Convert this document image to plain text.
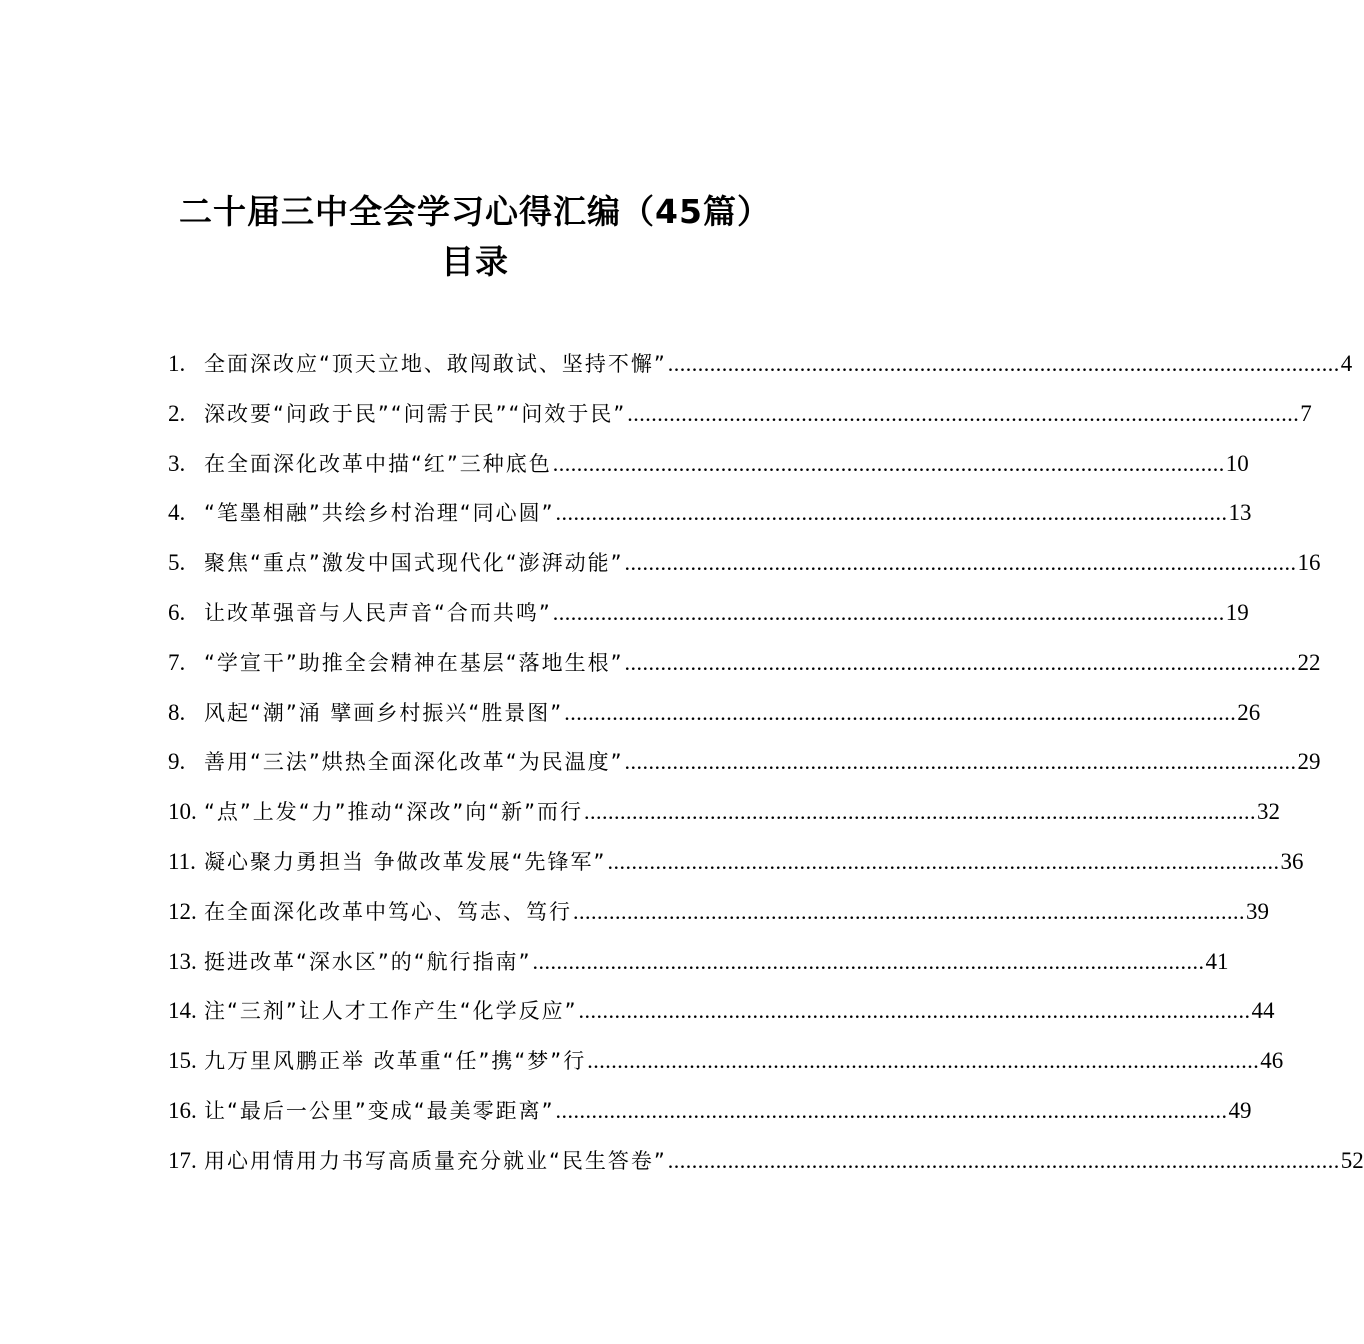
二十届三中全会学习心得汇编（45篇）
目录
1. 全面深改应“顶天立地、敢闯敢试、坚持不懈” .....	4
2. 深改要“问政于民”“问需于民”“问效于民” .....	7
3. 在全面深化改革中描“红”三种底色 .....	10
4. “笔墨相融”共绘乡村治理“同心圆” .....	13
5. 聚焦“重点”激发中国式现代化“澎湃动能” .....	16
6. 让改革强音与人民声音“合而共鸣” .....	19
7. “学宣干”助推全会精神在基层“落地生根” .....	22
8. 风起“潮”涌 擘画乡村振兴“胜景图” .....	26
9. 善用“三法”烘热全面深化改革“为民温度” .....	29
10. “点”上发“力”推动“深改”向“新”而行 .....	32
11. 凝心聚力勇担当 争做改革发展“先锋军” .....	36
12. 在全面深化改革中笃心、笃志、笃行 .....	39
13. 挺进改革“深水区”的“航行指南” .....	41
14. 注“三剂”让人才工作产生“化学反应” .....	44
15. 九万里风鹏正举 改革重“任”携“梦”行 .....	46
16. 让“最后一公里”变成“最美零距离” .....	49
17. 用心用情用力书写高质量充分就业“民生答卷” .....	52
